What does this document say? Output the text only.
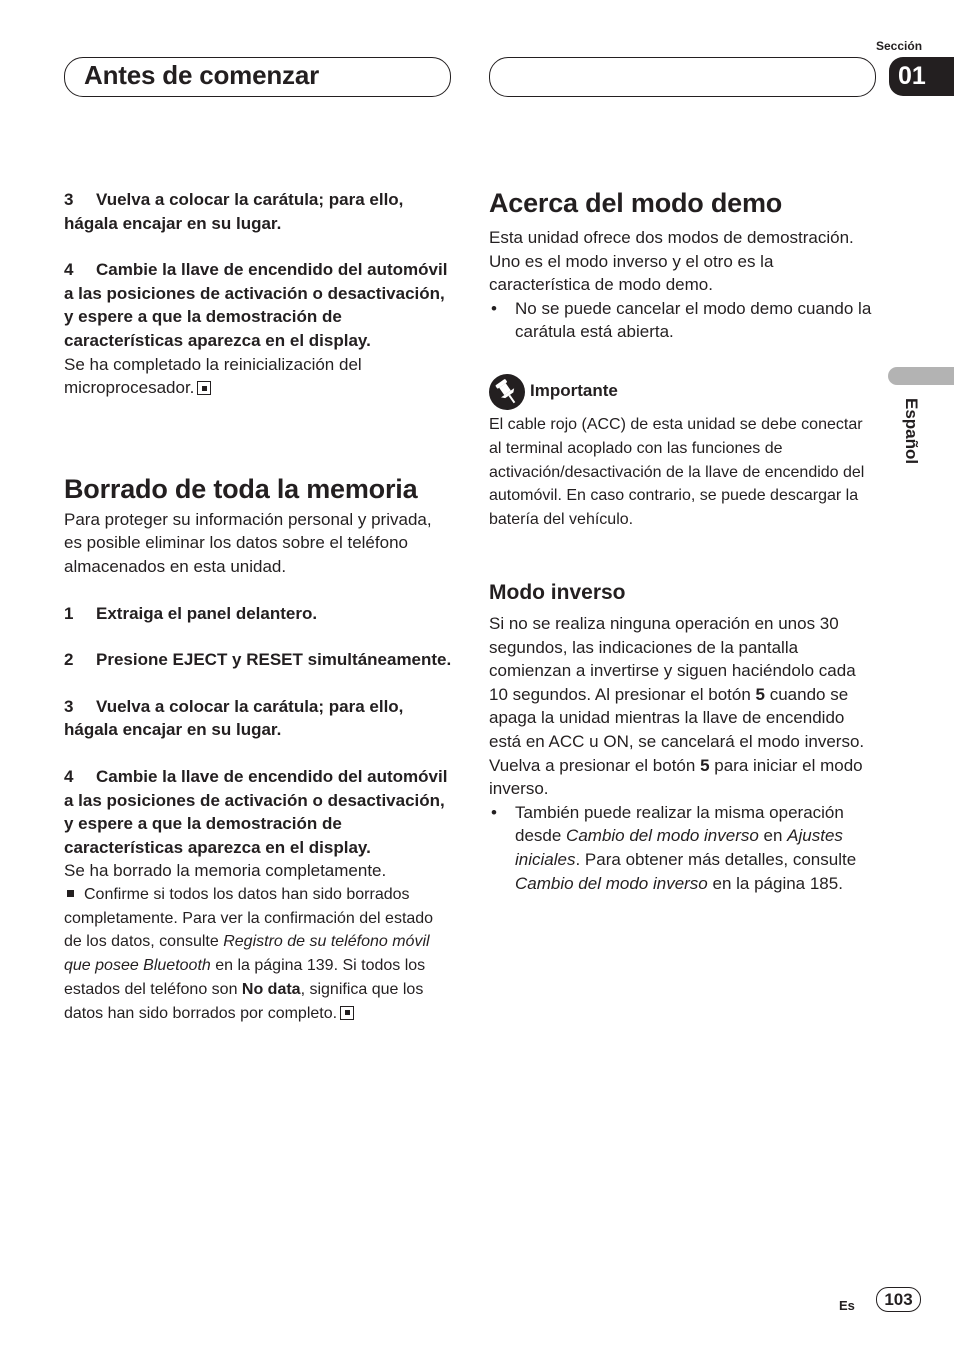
Antes de comenzar
Sección
01
Español

3 Vuelva a colocar la carátula; para ello, hágala encajar en su lugar.

4 Cambie la llave de encendido del automóvil a las posiciones de activación o desactivación, y espere a que la demostración de características aparezca en el display.

Se ha completado la reinicialización del microprocesador.

Borrado de toda la memoria

Para proteger su información personal y privada, es posible eliminar los datos sobre el teléfono almacenados en esta unidad.

1 Extraiga el panel delantero.

2 Presione EJECT y RESET simultáneamente.

3 Vuelva a colocar la carátula; para ello, hágala encajar en su lugar.

4 Cambie la llave de encendido del automóvil a las posiciones de activación o desactivación, y espere a que la demostración de características aparezca en el display.

Se ha borrado la memoria completamente.

Confirme si todos los datos han sido borrados completamente. Para ver la confirmación del estado de los datos, consulte Registro de su teléfono móvil que posee Bluetooth en la página 139. Si todos los estados del teléfono son No data, significa que los datos han sido borrados por completo.

Acerca del modo demo

Esta unidad ofrece dos modos de demostración. Uno es el modo inverso y el otro es la característica de modo demo.

• No se puede cancelar el modo demo cuando la carátula está abierta.

Importante
El cable rojo (ACC) de esta unidad se debe conectar al terminal acoplado con las funciones de activación/desactivación de la llave de encendido del automóvil. En caso contrario, se puede descargar la batería del vehículo.
Modo inverso

Si no se realiza ninguna operación en unos 30 segundos, las indicaciones de la pantalla comienzan a invertirse y siguen haciéndolo cada 10 segundos. Al presionar el botón 5 cuando se apaga la unidad mientras la llave de encendido está en ACC u ON, se cancelará el modo inverso. Vuelva a presionar el botón 5 para iniciar el modo inverso.

• También puede realizar la misma operación desde Cambio del modo inverso en Ajustes iniciales. Para obtener más detalles, consulte Cambio del modo inverso en la página 185.

Es	103
